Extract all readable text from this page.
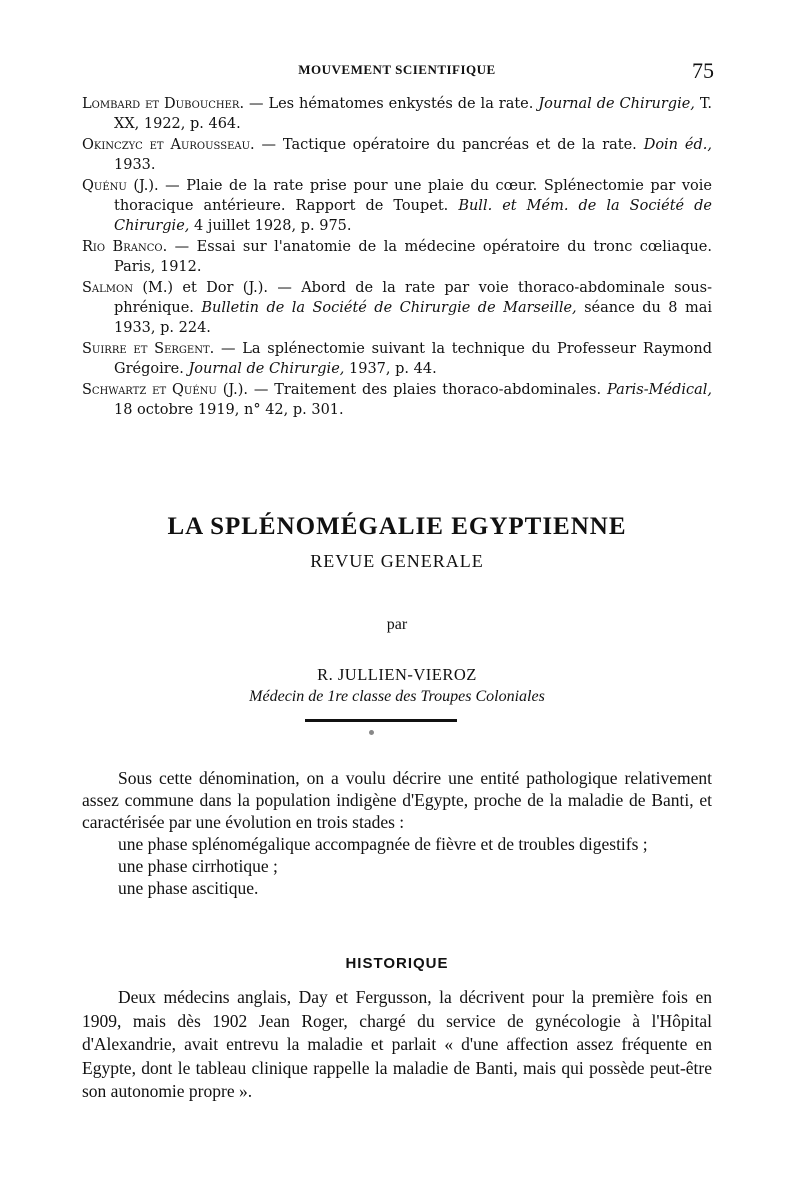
MOUVEMENT SCIENTIFIQUE	75

Lombard et Duboucher. — Les hématomes enkystés de la rate. Journal de Chirurgie, T. XX, 1922, p. 464.

Okinczyc et Aurousseau. — Tactique opératoire du pancréas et de la rate. Doin éd., 1933.

Quénu (J.). — Plaie de la rate prise pour une plaie du cœur. Splénectomie par voie thoracique antérieure. Rapport de Toupet. Bull. et Mém. de la Société de Chirurgie, 4 juillet 1928, p. 975.

Rio Branco. — Essai sur l'anatomie de la médecine opératoire du tronc cœliaque. Paris, 1912.

Salmon (M.) et Dor (J.). — Abord de la rate par voie thoraco-abdominale sous-phrénique. Bulletin de la Société de Chirurgie de Marseille, séance du 8 mai 1933, p. 224.

Suirre et Sergent. — La splénectomie suivant la technique du Professeur Raymond Grégoire. Journal de Chirurgie, 1937, p. 44.

Schwartz et Quénu (J.). — Traitement des plaies thoraco-abdominales. Paris-Médical, 18 octobre 1919, n° 42, p. 301.

LA SPLÉNOMÉGALIE EGYPTIENNE
REVUE GENERALE
par
R. JULLIEN-VIEROZ
Médecin de 1re classe des Troupes Coloniales

Sous cette dénomination, on a voulu décrire une entité pathologique relativement assez commune dans la population indigène d'Egypte, proche de la maladie de Banti, et caractérisée par une évolution en trois stades :

une phase splénomégalique accompagnée de fièvre et de troubles digestifs ;

une phase cirrhotique ;

une phase ascitique.

HISTORIQUE

Deux médecins anglais, Day et Fergusson, la décrivent pour la première fois en 1909, mais dès 1902 Jean Roger, chargé du service de gynécologie à l'Hôpital d'Alexandrie, avait entrevu la maladie et parlait « d'une affection assez fréquente en Egypte, dont le tableau clinique rappelle la maladie de Banti, mais qui possède peut-être son autonomie propre ».
